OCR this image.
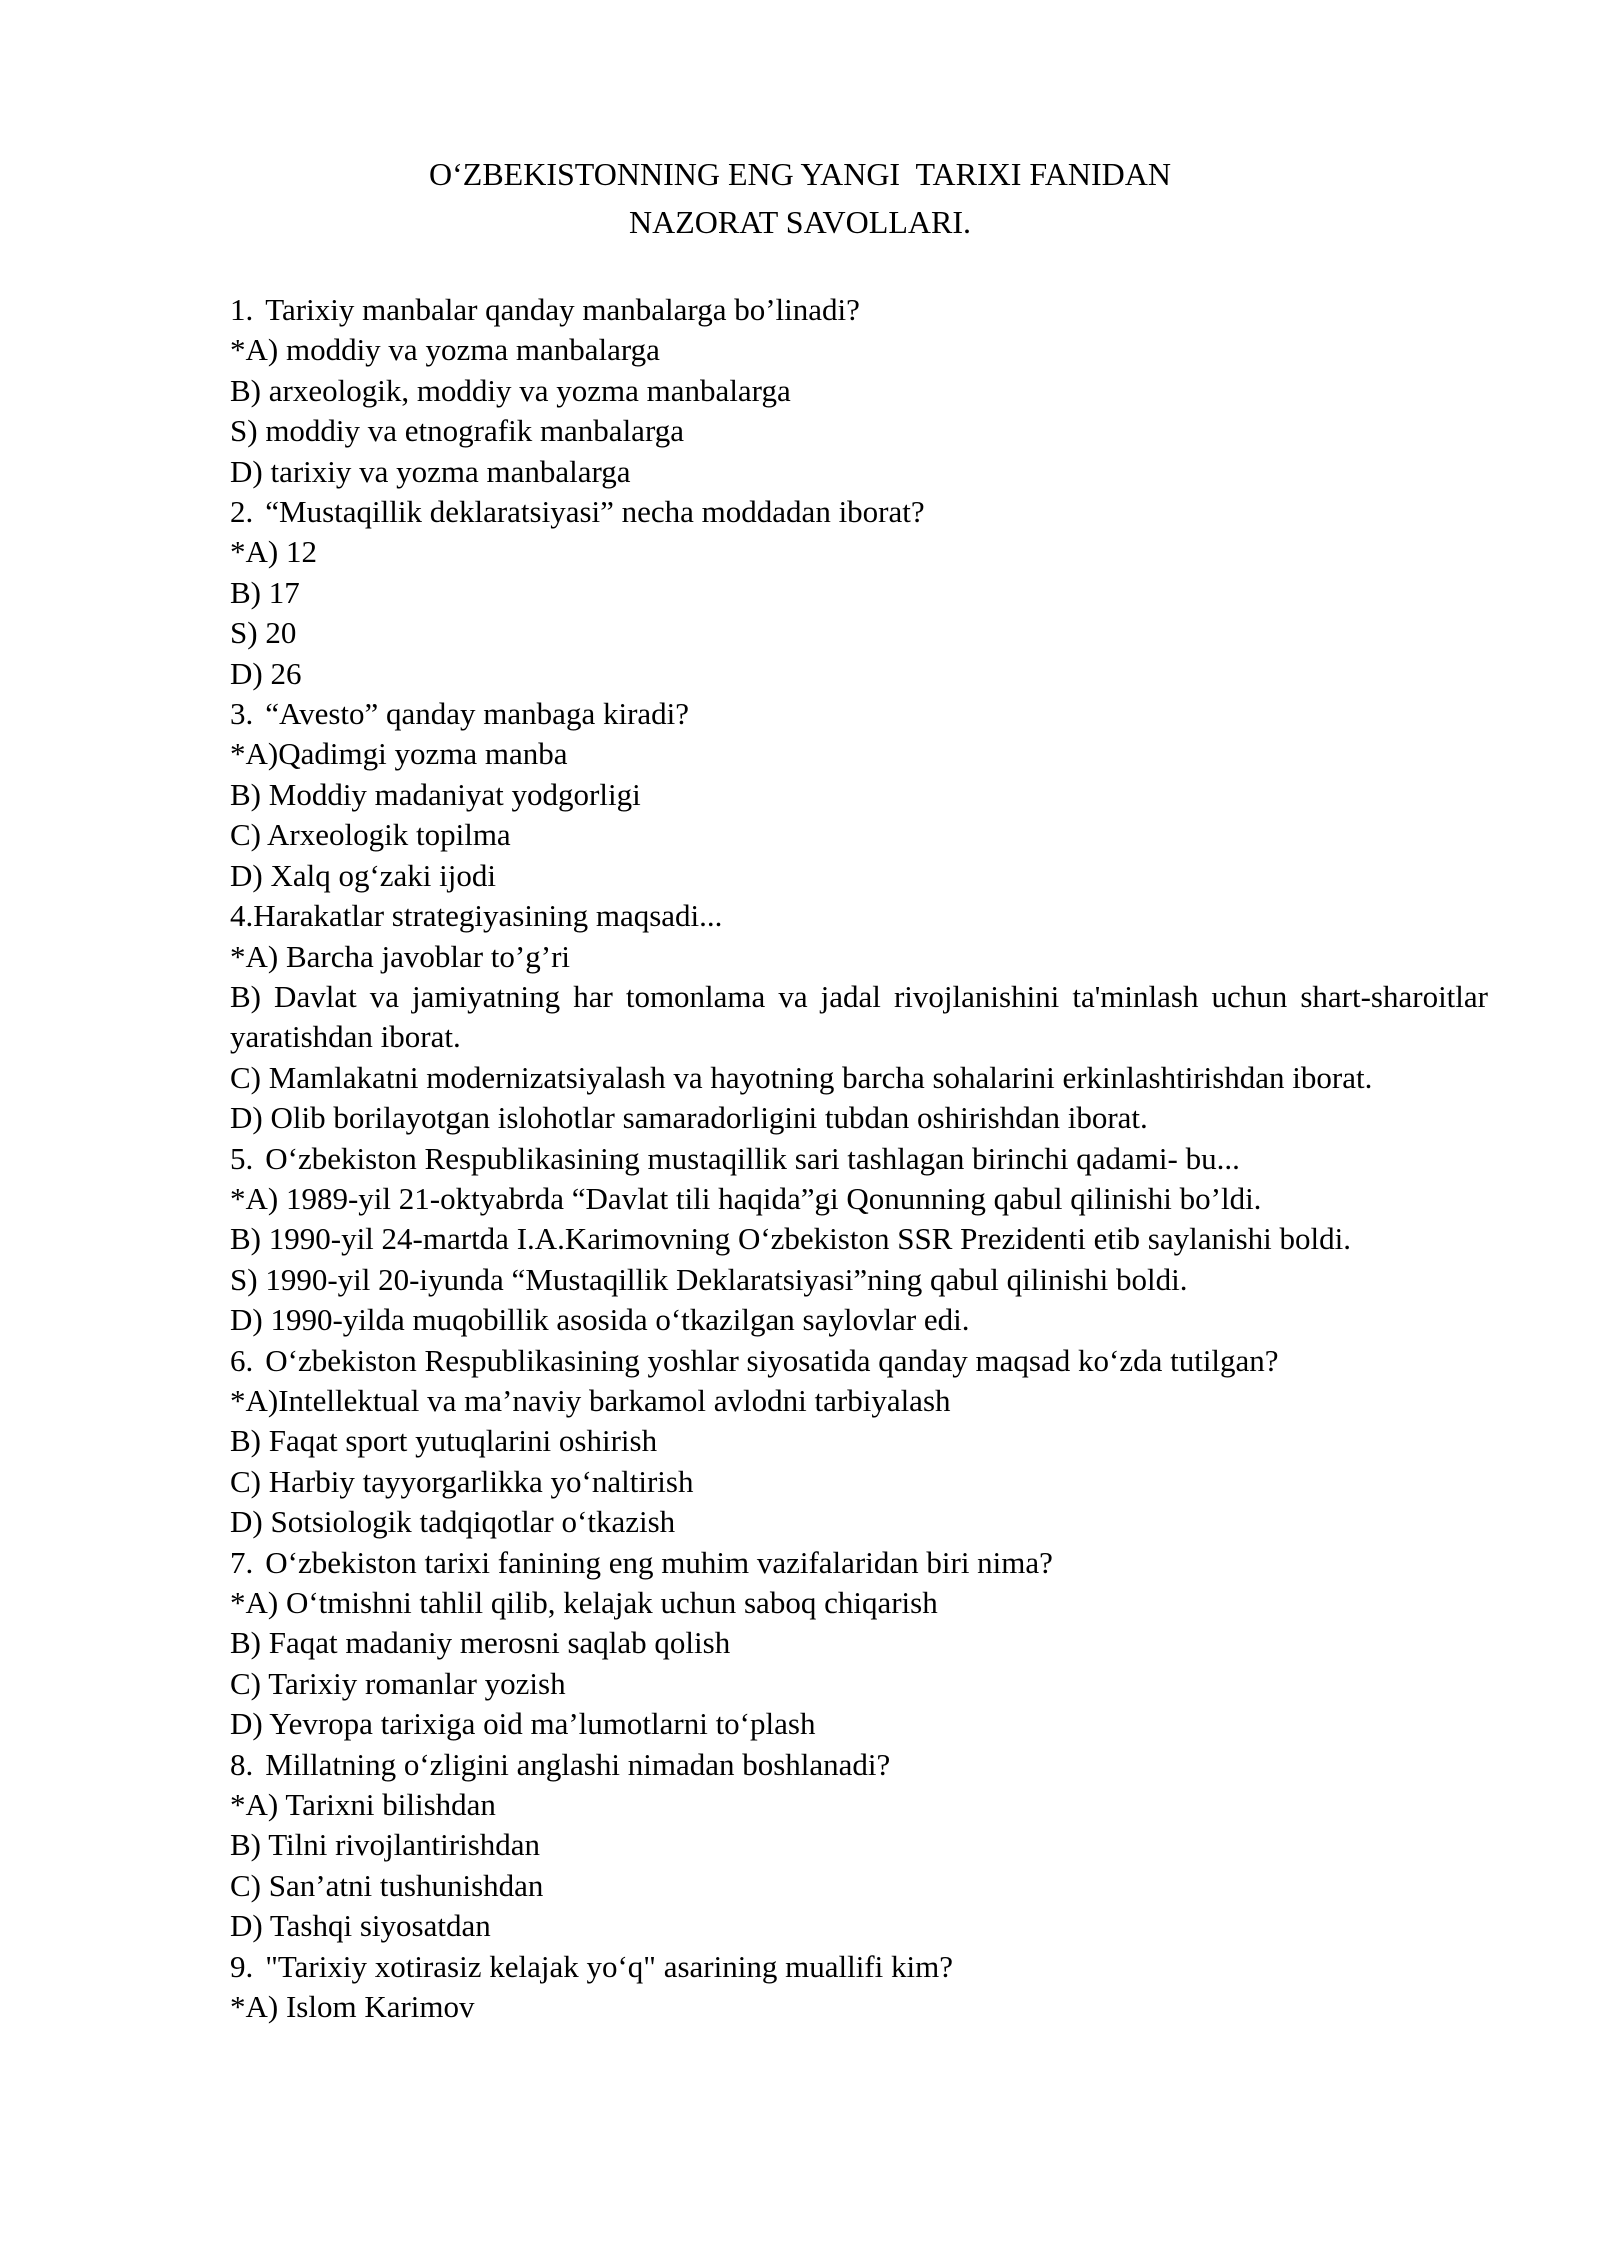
O‘ZBEKISTONNING ENG YANGI  TARIXI FANIDAN
NAZORAT SAVOLLARI.
1. Tarixiy manbalar qanday manbalarga bo’linadi?
*A) moddiy va yozma manbalarga
B) arxeologik, moddiy va yozma manbalarga
S) moddiy va etnografik manbalarga
D) tarixiy va yozma manbalarga
2. “Mustaqillik deklaratsiyasi” necha moddadan iborat?
*A) 12
B) 17
S) 20
D) 26
3. “Avesto” qanday manbaga kiradi?
*A)Qadimgi yozma manba
B) Moddiy madaniyat yodgorligi
C) Arxeologik topilma
D) Xalq og‘zaki ijodi
4.Harakatlar strategiyasining maqsadi...
*A) Barcha javoblar to’g’ri
B) Davlat va jamiyatning har tomonlama va jadal rivojlanishini ta'minlash uchun shart-sharoitlar yaratishdan iborat.
C) Mamlakatni modernizatsiyalash va hayotning barcha sohalarini erkinlashtirishdan iborat.
D) Olib borilayotgan islohotlar samaradorligini tubdan oshirishdan iborat.
5. O‘zbekiston Respublikasining mustaqillik sari tashlagan birinchi qadami- bu...
*A) 1989-yil 21-oktyabrda “Davlat tili haqida”gi Qonunning qabul qilinishi bo’ldi.
B) 1990-yil 24-martda I.A.Karimovning O‘zbekiston SSR Prezidenti etib saylanishi boldi.
S) 1990-yil 20-iyunda “Mustaqillik Deklaratsiyasi”ning qabul qilinishi boldi.
D) 1990-yilda muqobillik asosida o‘tkazilgan saylovlar edi.
6. O‘zbekiston Respublikasining yoshlar siyosatida qanday maqsad ko‘zda tutilgan?
*A)Intellektual va ma’naviy barkamol avlodni tarbiyalash
B) Faqat sport yutuqlarini oshirish
C) Harbiy tayyorgarlikka yo‘naltirish
D) Sotsiologik tadqiqotlar o‘tkazish
7. O‘zbekiston tarixi fanining eng muhim vazifalaridan biri nima?
*A) O‘tmishni tahlil qilib, kelajak uchun saboq chiqarish
B) Faqat madaniy merosni saqlab qolish
C) Tarixiy romanlar yozish
D) Yevropa tarixiga oid ma’lumotlarni to‘plash
8. Millatning o‘zligini anglashi nimadan boshlanadi?
*A) Tarixni bilishdan
B) Tilni rivojlantirishdan
C) San’atni tushunishdan
D) Tashqi siyosatdan
9. "Tarixiy xotirasiz kelajak yo‘q" asarining muallifi kim?
*A) Islom Karimov
